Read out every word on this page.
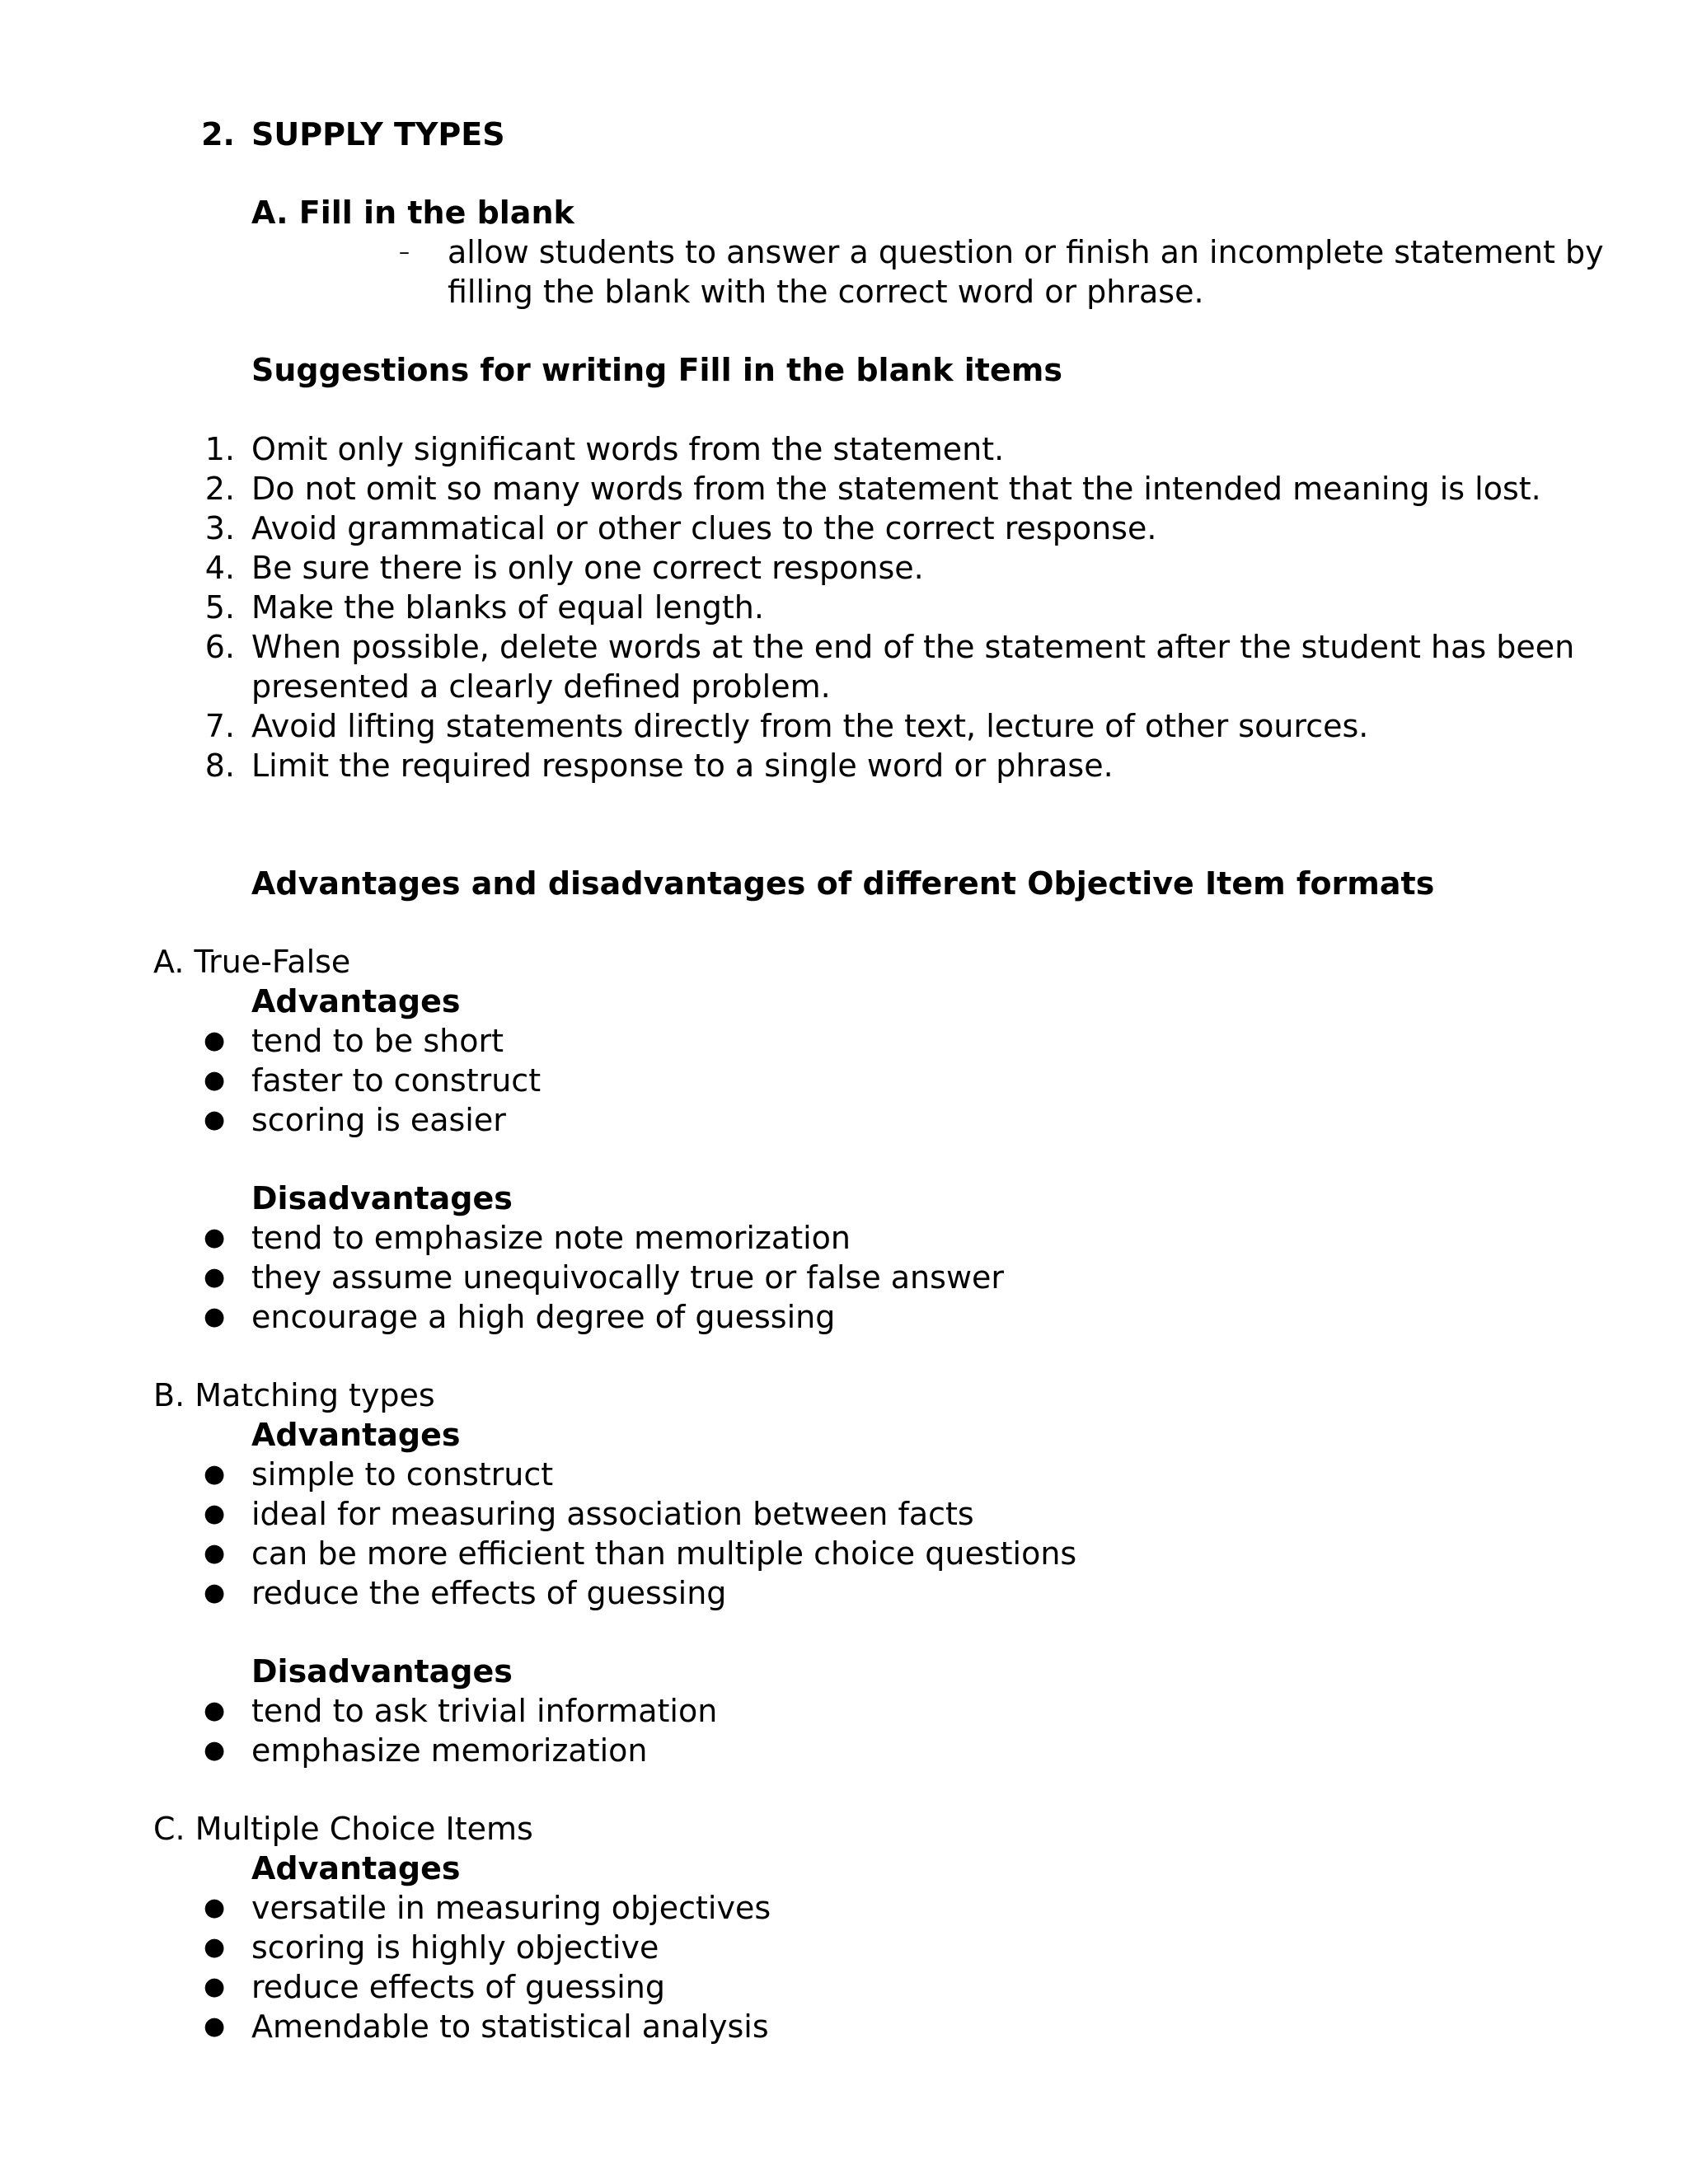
2. SUPPLY TYPES
A. Fill in the blank
– allow students to answer a question or finish an incomplete statement by
filling the blank with the correct word or phrase.
Suggestions for writing Fill in the blank items
1. Omit only significant words from the statement.
2. Do not omit so many words from the statement that the intended meaning is lost.
3. Avoid grammatical or other clues to the correct response.
4. Be sure there is only one correct response.
5. Make the blanks of equal length.
6. When possible, delete words at the end of the statement after the student has been
presented a clearly defined problem.
7. Avoid lifting statements directly from the text, lecture of other sources.
8. Limit the required response to a single word or phrase.
Advantages and disadvantages of different Objective Item formats
A. True-False
Advantages
● tend to be short
● faster to construct
● scoring is easier
Disadvantages
● tend to emphasize note memorization
● they assume unequivocally true or false answer
● encourage a high degree of guessing
B. Matching types
Advantages
● simple to construct
● ideal for measuring association between facts
● can be more efficient than multiple choice questions
● reduce the effects of guessing
Disadvantages
● tend to ask trivial information
● emphasize memorization
C. Multiple Choice Items
Advantages
● versatile in measuring objectives
● scoring is highly objective
● reduce effects of guessing
● Amendable to statistical analysis
